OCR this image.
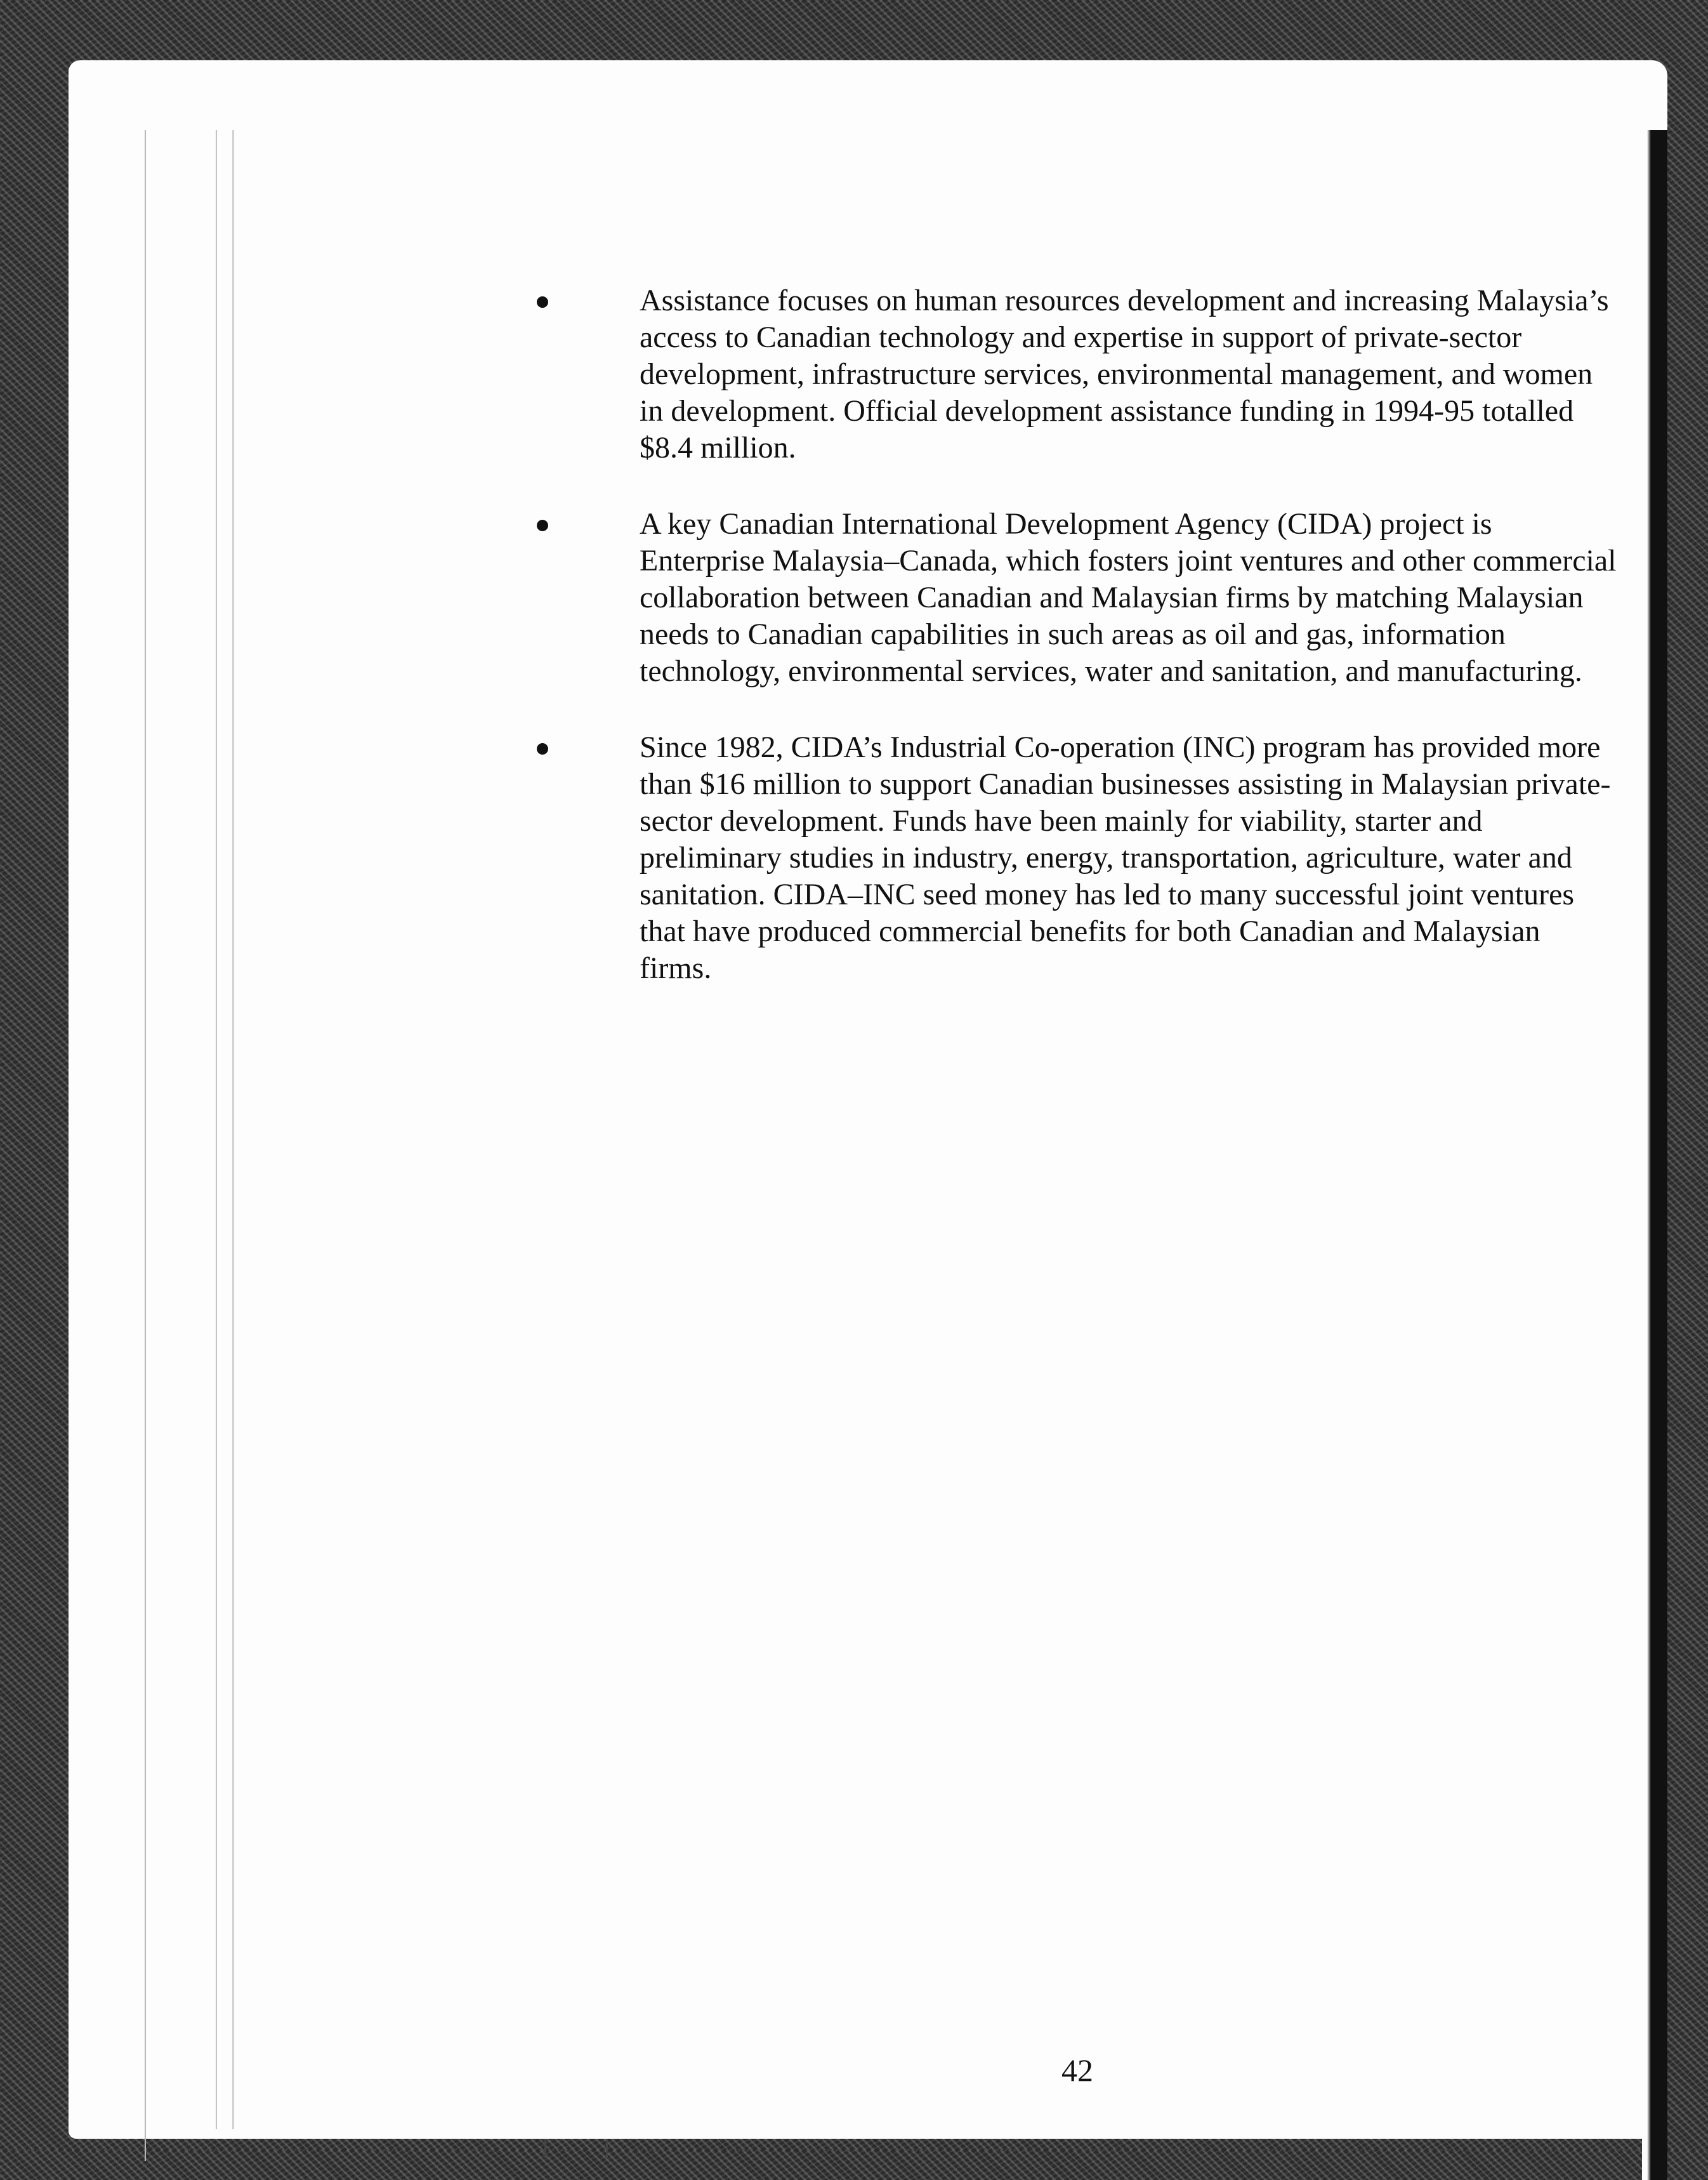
Assistance focuses on human resources development and increasing Malaysia’s access to Canadian technology and expertise in support of private-sector development, infrastructure services, environmental management, and women in development. Official development assistance funding in 1994-95 totalled $8.4 million.
A key Canadian International Development Agency (CIDA) project is Enterprise Malaysia–Canada, which fosters joint ventures and other commercial collaboration between Canadian and Malaysian firms by matching Malaysian needs to Canadian capabilities in such areas as oil and gas, information technology, environmental services, water and sanitation, and manufacturing.
Since 1982, CIDA’s Industrial Co-operation (INC) program has provided more than $16 million to support Canadian businesses assisting in Malaysian private-sector development. Funds have been mainly for viability, starter and preliminary studies in industry, energy, transportation, agriculture, water and sanitation. CIDA–INC seed money has led to many successful joint ventures that have produced commercial benefits for both Canadian and Malaysian firms.
42
